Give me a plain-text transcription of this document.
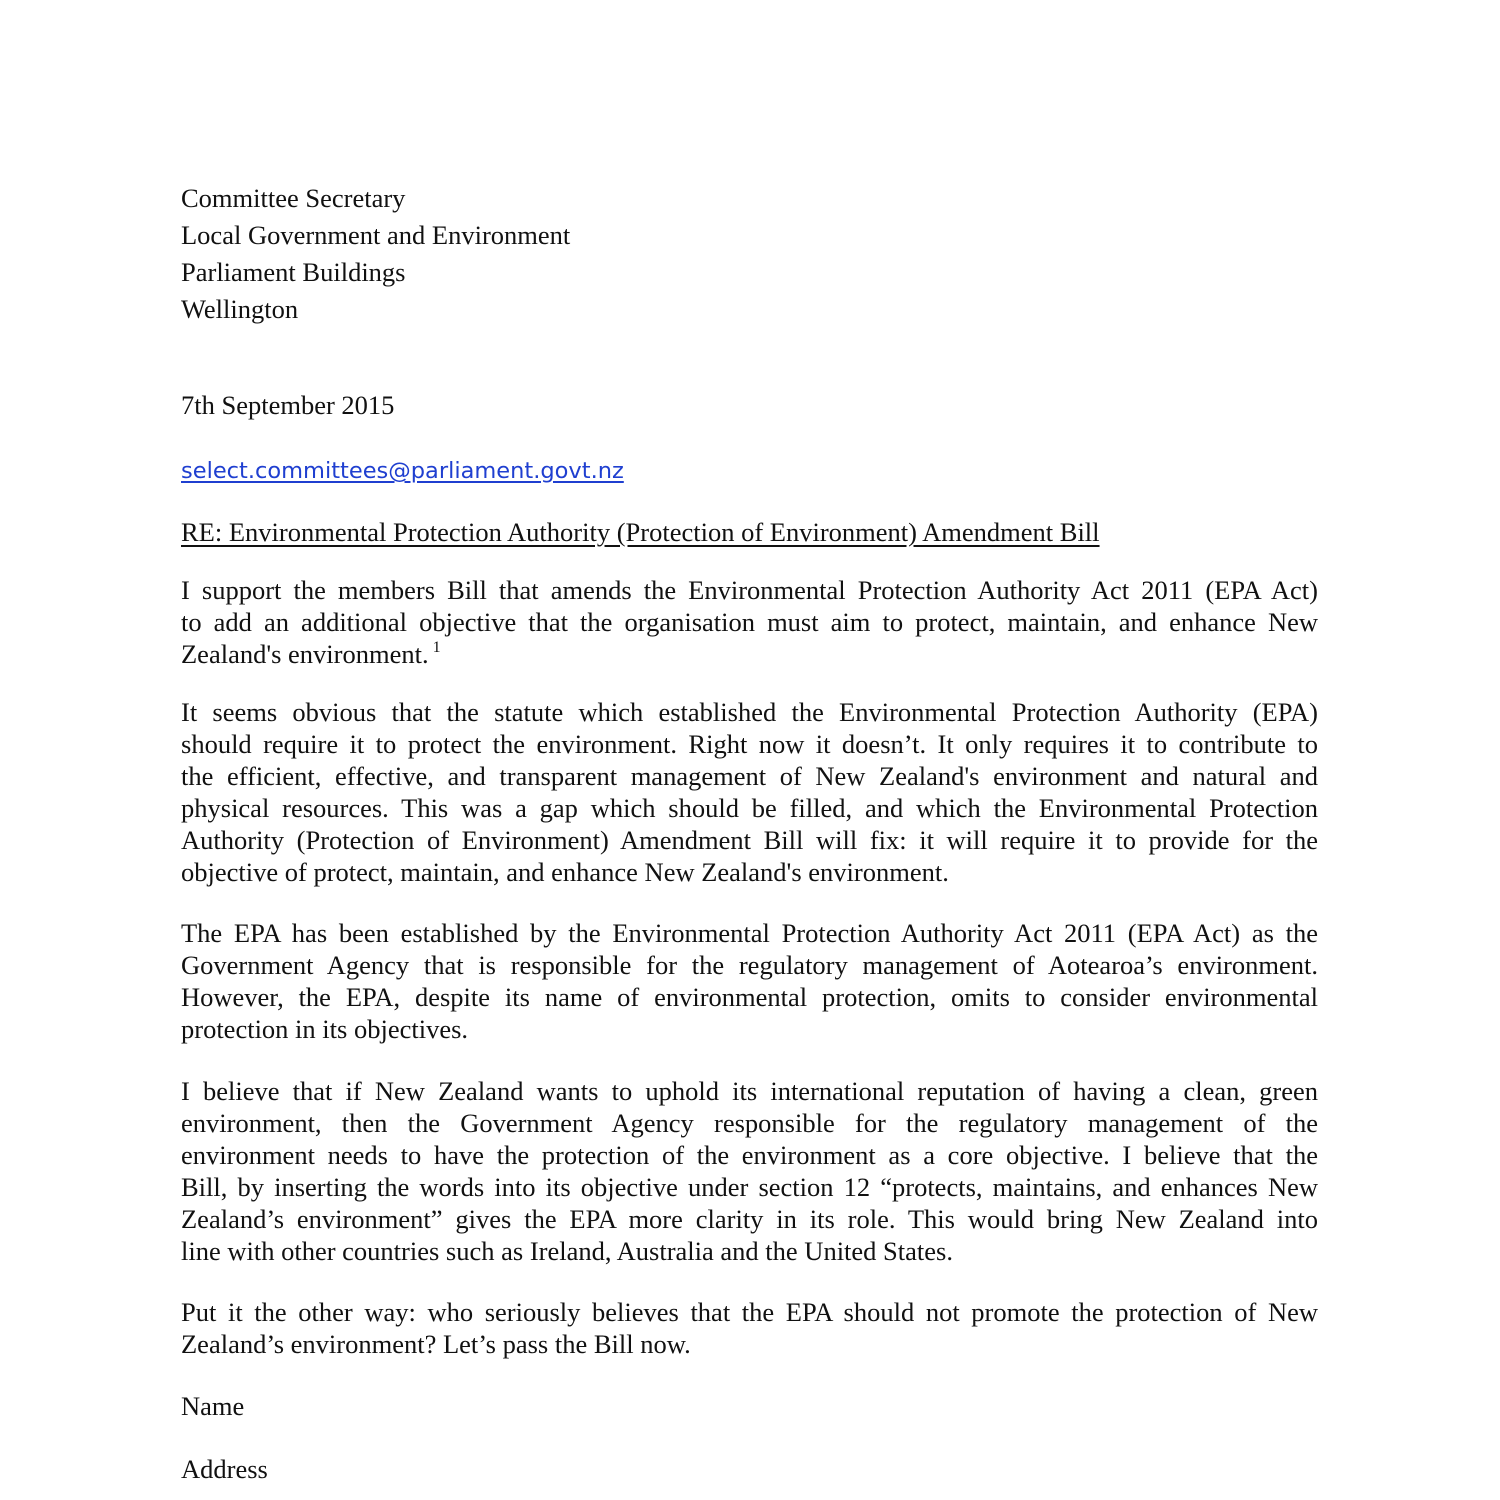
Committee Secretary
Local Government and Environment
Parliament Buildings
Wellington
7th September 2015
select.committees@parliament.govt.nz
RE: Environmental Protection Authority (Protection of Environment) Amendment Bill
I support the members Bill that amends the Environmental Protection Authority Act 2011 (EPA Act)
to add an additional objective that the organisation must aim to protect, maintain, and enhance New
Zealand's environment. $^1$
It seems obvious that the statute which established the Environmental Protection Authority (EPA)
should require it to protect the environment. Right now it doesn’t. It only requires it to contribute to
the efficient, effective, and transparent management of New Zealand's environment and natural and
physical resources. This was a gap which should be filled, and which the Environmental Protection
Authority (Protection of Environment) Amendment Bill will fix: it will require it to provide for the
objective of protect, maintain, and enhance New Zealand's environment.
The EPA has been established by the Environmental Protection Authority Act 2011 (EPA Act) as the
Government Agency that is responsible for the regulatory management of Aotearoa’s environment.
However, the EPA, despite its name of environmental protection, omits to consider environmental
protection in its objectives.
I believe that if New Zealand wants to uphold its international reputation of having a clean, green
environment, then the Government Agency responsible for the regulatory management of the
environment needs to have the protection of the environment as a core objective. I believe that the
Bill, by inserting the words into its objective under section 12 “protects, maintains, and enhances New
Zealand’s environment” gives the EPA more clarity in its role. This would bring New Zealand into
line with other countries such as Ireland, Australia and the United States.
Put it the other way: who seriously believes that the EPA should not promote the protection of New
Zealand’s environment? Let’s pass the Bill now.
Name
Address
